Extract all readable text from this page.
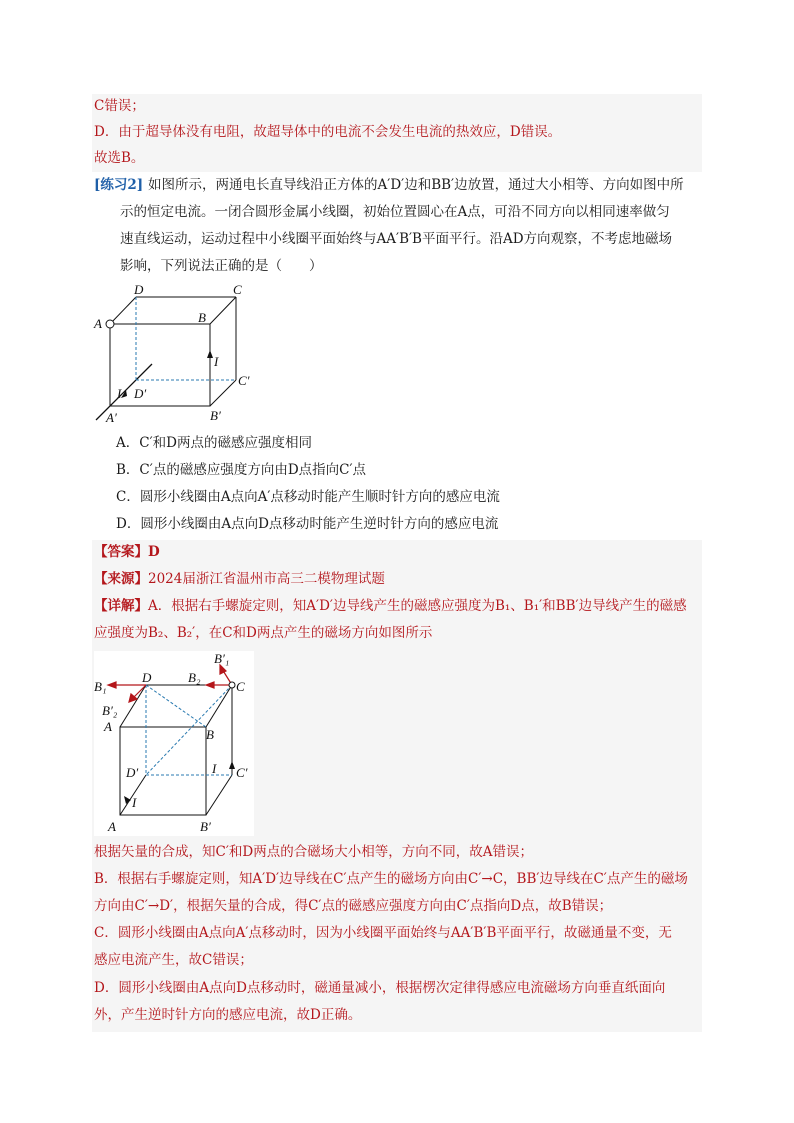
C错误；
D．由于超导体没有电阻，故超导体中的电流不会发生电流的热效应，D错误。
故选B。
[练习2] 如图所示，两通电长直导线沿正方体的A′D′边和BB′边放置，通过大小相等、方向如图中所
示的恒定电流。一闭合圆形金属小线圈，初始位置圆心在A点，可沿不同方向以相同速率做匀
速直线运动，运动过程中小线圈平面始终与AA′B′B平面平行。沿AD方向观察，不考虑地磁场
影响，下列说法正确的是（　　）
D	C
A	B
I
C′
I D′
A′	B′
A．C′和D两点的磁感应强度相同
B．C′点的磁感应强度方向由D点指向C′点
C．圆形小线圈由A点向A′点移动时能产生顺时针方向的感应电流
D．圆形小线圈由A点向D点移动时能产生逆时针方向的感应电流
【答案】D
【来源】2024届浙江省温州市高三二模物理试题
【详解】A．根据右手螺旋定则，知A′D′边导线产生的磁感应强度为B₁、B₁′和BB′边导线产生的磁感
应强度为B₂、B₂′，在C和D两点产生的磁场方向如图所示
B′₁
B₁
D	B₂
C
B′₂
A
B
D′	I C′
I
A	B′
根据矢量的合成，知C′和D两点的合磁场大小相等，方向不同，故A错误；
B．根据右手螺旋定则，知A′D′边导线在C′点产生的磁场方向由C′→C，BB′边导线在C′点产生的磁场
方向由C′→D′，根据矢量的合成，得C′点的磁感应强度方向由C′点指向D点，故B错误；
C．圆形小线圈由A点向A′点移动时，因为小线圈平面始终与AA′B′B平面平行，故磁通量不变，无
感应电流产生，故C错误；
D．圆形小线圈由A点向D点移动时，磁通量减小，根据楞次定律得感应电流磁场方向垂直纸面向
外，产生逆时针方向的感应电流，故D正确。
